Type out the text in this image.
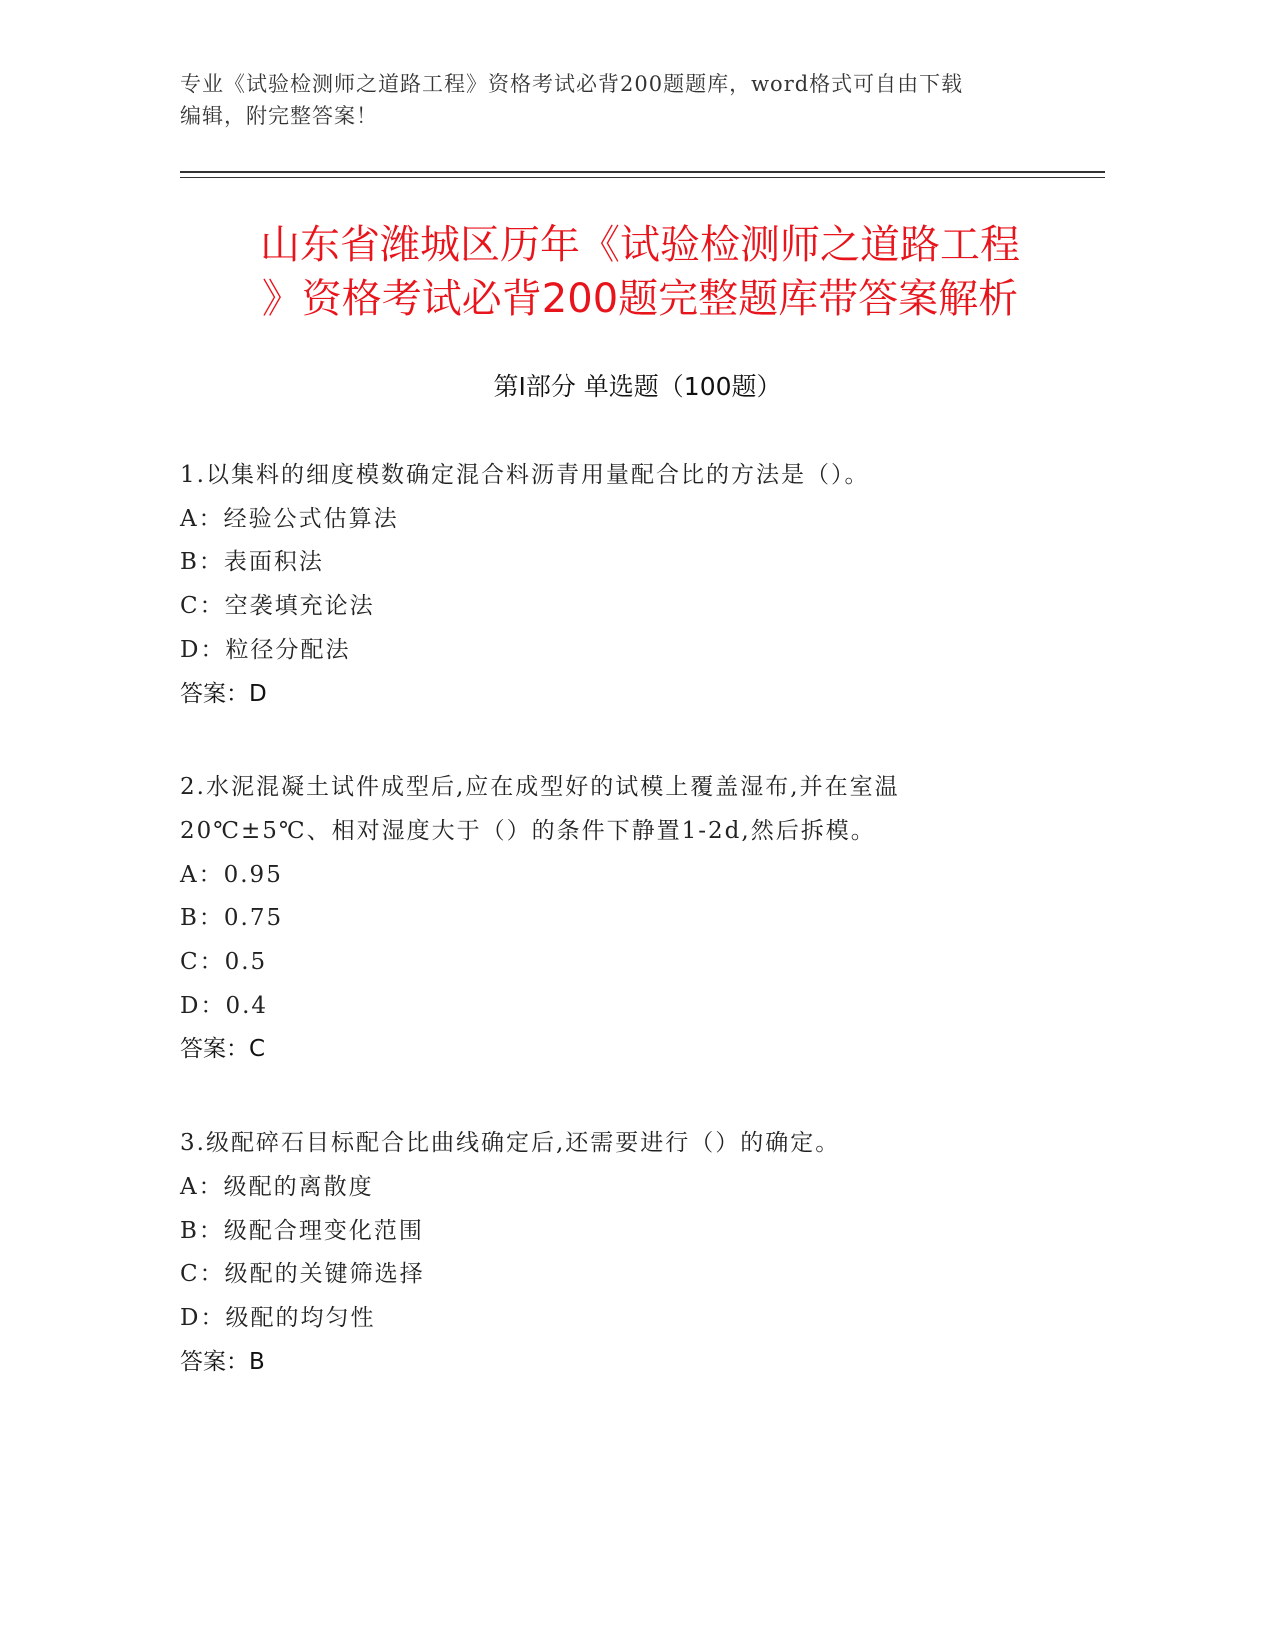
专业《试验检测师之道路工程》资格考试必背200题题库，word格式可自由下载
编辑，附完整答案！
山东省潍城区历年《试验检测师之道路工程
》资格考试必背200题完整题库带答案解析
第Ⅰ部分 单选题（100题）

1.以集料的细度模数确定混合料沥青用量配合比的方法是（）。

A：经验公式估算法

B：表面积法

C：空袭填充论法

D：粒径分配法

答案：D

2.水泥混凝土试件成型后,应在成型好的试模上覆盖湿布,并在室温

20℃±5℃、相对湿度大于（）的条件下静置1-2d,然后拆模。

A：0.95

B：0.75

C：0.5

D：0.4

答案：C

3.级配碎石目标配合比曲线确定后,还需要进行（）的确定。

A：级配的离散度

B：级配合理变化范围

C：级配的关键筛选择

D：级配的均匀性

答案：B
